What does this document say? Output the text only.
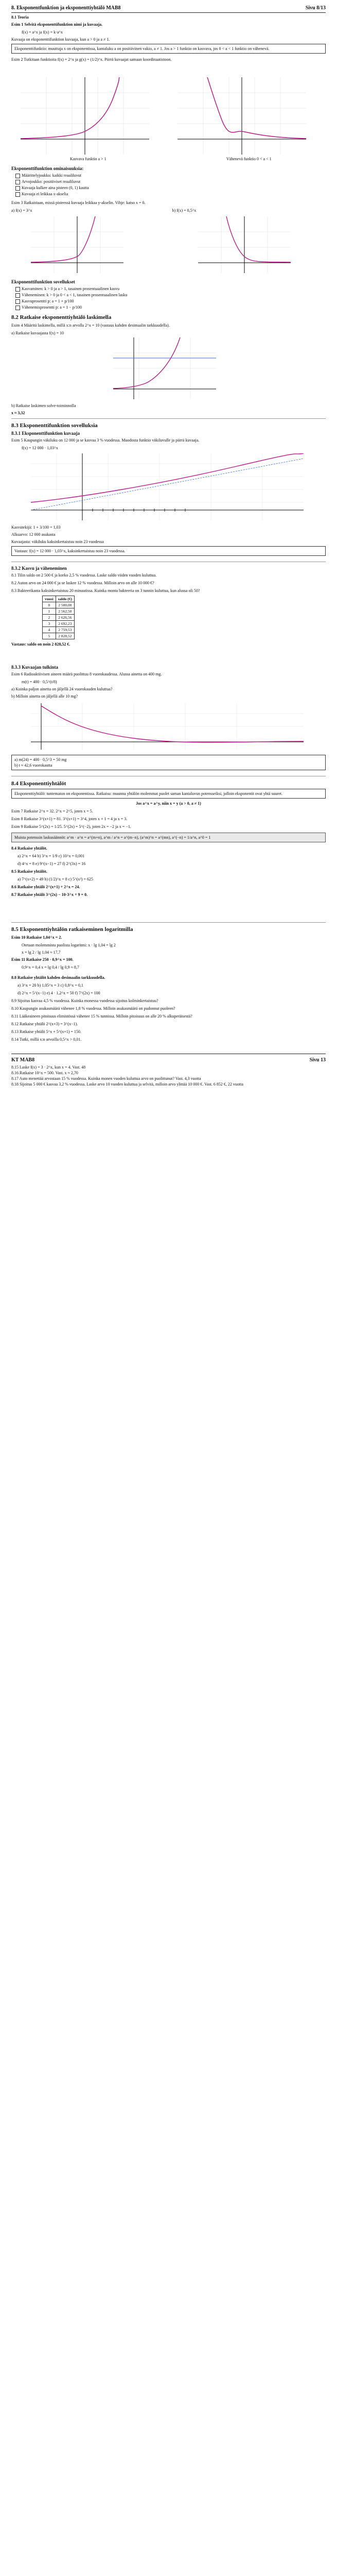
8. Eksponentfunktion ja eksponenttiyhtälö MAB8	Sivu 8/13
8.1 Teoria
Esim 1 Selvitä eksponenttifunktion nimi ja kuvaaja.
f(x) = a^x ja f(x) = k·a^x
Kuvaaja on eksponenttifunktion kuvaaja, kun a > 0 ja a ≠ 1.
Eksponenttifunktio: muuttuja x on eksponentissa, kantaluku a on positiivinen vakio, a ≠ 1. Jos a > 1 funktio on kasvava, jos 0 < a < 1 funktio on vähenevä.
Esim 2 Tutkitaan funktioita f(x) = 2^x ja g(x) = (1/2)^x. Piirrä kuvaajat samaan koordinaatistoon.
Kasvava funktio a > 1	Vähenevä funktio 0 < a < 1
Eksponenttifunktion ominaisuuksia:
Määrittelyjoukko: kaikki reaaliluvut
Arvojoukko: positiiviset reaaliluvut
Kuvaaja kulkee aina pisteen (0, 1) kautta
Kuvaaja ei leikkaa x-akselia
Esim 3 Ratkaistaan, missä pisteessä kuvaaja leikkaa y-akselin. Vihje: katso x = 0.
a) f(x) = 3^x	b) f(x) = 0,5^x
Eksponenttifunktion sovellukset
Kasvaminen: k > 0 ja a > 1, tasainen prosentuaalinen kasvu
Väheneminen: k > 0 ja 0 < a < 1, tasainen prosentuaalinen lasku
Kasvuprosentti p: a = 1 + p/100
Vähenemisprosentti p: a = 1 − p/100
8.2 Ratkaise eksponenttiyhtälö laskimella
Esim 4 Määritä laskimella, millä x:n arvolla 2^x = 10 (vastaus kahden desimaalin tarkkuudella).
a) Ratkaise kuvaajasta f(x) = 10
b) Ratkaise laskimen solve-toiminnolla
x ≈ 3,32
8.3 Eksponenttifunktion sovelluksia
8.3.1 Eksponenttifunktion kuvaaja
Esim 5 Kaupungin väkiluku on 12 000 ja se kasvaa 3 % vuodessa. Muodosta funktio väkiluvulle ja piirrä kuvaaja.
f(x) = 12 000 · 1,03^x
Kasvutekijä: 1 + 3/100 = 1,03
Alkuarvo: 12 000 asukasta
Kuvaajasta: väkiluku kaksinkertaistuu noin 23 vuodessa
Vastaus: f(x) = 12 000 · 1,03^x, kaksinkertaistuu noin 23 vuodessa.
8.3.2 Kasvu ja väheneminen
8.1 Tilin saldo on 2 500 € ja korko 2,5 % vuodessa. Laske saldo viiden vuoden kuluttua.
8.2 Auton arvo on 24 000 € ja se laskee 12 % vuodessa. Milloin arvo on alle 10 000 €?
8.3 Bakteerikanta kaksinkertaistuu 20 minuutissa. Kuinka monta bakteeria on 3 tunnin kuluttua, kun alussa oli 50?
vuosi	saldo (€)
0	2 500,00
1	2 562,50
2	2 626,56
3	2 692,23
4	2 759,53
5	2 828,52
Vastaus: saldo on noin 2 828,52 €.
8.3.3 Kuvaajan tulkinta
Esim 6 Radioaktiivisen aineen määrä puolittuu 8 vuorokaudessa. Alussa ainetta on 400 mg.
m(t) = 400 · 0,5^(t/8)
a) Kuinka paljon ainetta on jäljellä 24 vuorokauden kuluttua?
b) Milloin ainetta on jäljellä alle 10 mg?
a) m(24) = 400 · 0,5^3 = 50 mg
b) t ≈ 42,6 vuorokautta
8.4 Eksponenttiyhtälöt
Eksponenttiyhtälö: tuntematon on eksponentissa. Ratkaisu: muunna yhtälön molemmat puolet saman kantaluvun potensseiksi, jolloin eksponentit ovat yhtä suuret.
Jos a^x = a^y, niin x = y (a > 0, a ≠ 1)
Esim 7 Ratkaise 2^x = 32. 2^x = 2^5, joten x = 5.
Esim 8 Ratkaise 3^(x+1) = 81. 3^(x+1) = 3^4, joten x + 1 = 4 ja x = 3.
Esim 9 Ratkaise 5^(2x) = 1/25. 5^(2x) = 5^(−2), joten 2x = −2 ja x = −1.
Muista potenssin laskusäännöt: a^m · a^n = a^(m+n), a^m / a^n = a^(m−n), (a^m)^n = a^(mn), a^(−n) = 1/a^n, a^0 = 1
8.4 Ratkaise yhtälöt.
a) 2^x = 64 b) 3^x = 1/9 c) 10^x = 0,001
d) 4^x = 8 e) 9^(x−1) = 27 f) 2^(3x) = 16
8.5 Ratkaise yhtälöt.
a) 7^(x+2) = 49 b) (1/2)^x = 8 c) 5^(x²) = 625
8.6 Ratkaise yhtälö 2^(x+1) + 2^x = 24.
8.7 Ratkaise yhtälö 3^(2x) − 10·3^x + 9 = 0.
8.5 Eksponenttiyhtälön ratkaiseminen logaritmilla
Esim 10 Ratkaise 1,04^x = 2.
Otetaan molemmista puolista logaritmi: x · lg 1,04 = lg 2
x = lg 2 / lg 1,04 ≈ 17,7
Esim 11 Ratkaise 250 · 0,9^x = 100.
0,9^x = 0,4 x = lg 0,4 / lg 0,9 ≈ 8,7
8.8 Ratkaise yhtälöt kahden desimaalin tarkkuudella.
a) 3^x = 20 b) 1,05^x = 3 c) 0,8^x = 0,1
d) 2^x = 5^(x−1) e) 4 · 1,2^x = 50 f) 7^(2x) = 100
8.9 Sijoitus kasvaa 4,5 % vuodessa. Kuinka monessa vuodessa sijoitus kolminkertaistuu?
8.10 Kaupungin asukasmäärä vähenee 1,8 % vuodessa. Milloin asukasmäärä on pudonnut puoleen?
8.11 Lääkeaineen pitoisuus elimistössä vähenee 15 % tunnissa. Milloin pitoisuus on alle 20 % alkuperäisestä?
8.12 Ratkaise yhtälö 2^(x+3) = 3^(x−1).
8.13 Ratkaise yhtälö 5^x + 5^(x+1) = 150.
8.14 Tutki, millä x:n arvoilla 0,5^x > 0,01.
KT MAB8	Sivu 13
8.15 Laske f(x) = 3 · 2^x, kun x = 4. Vast. 48
8.16 Ratkaise 10^x = 500. Vast. x ≈ 2,70
8.17 Auto menettää arvostaan 15 % vuodessa. Kuinka monen vuoden kuluttua arvo on puolittunut? Vast. 4,3 vuotta
8.18 Sijoitus 5 000 € kasvaa 3,2 % vuodessa. Laske arvo 10 vuoden kuluttua ja selvitä, milloin arvo ylittää 10 000 €. Vast. 6 852 €, 22 vuotta
